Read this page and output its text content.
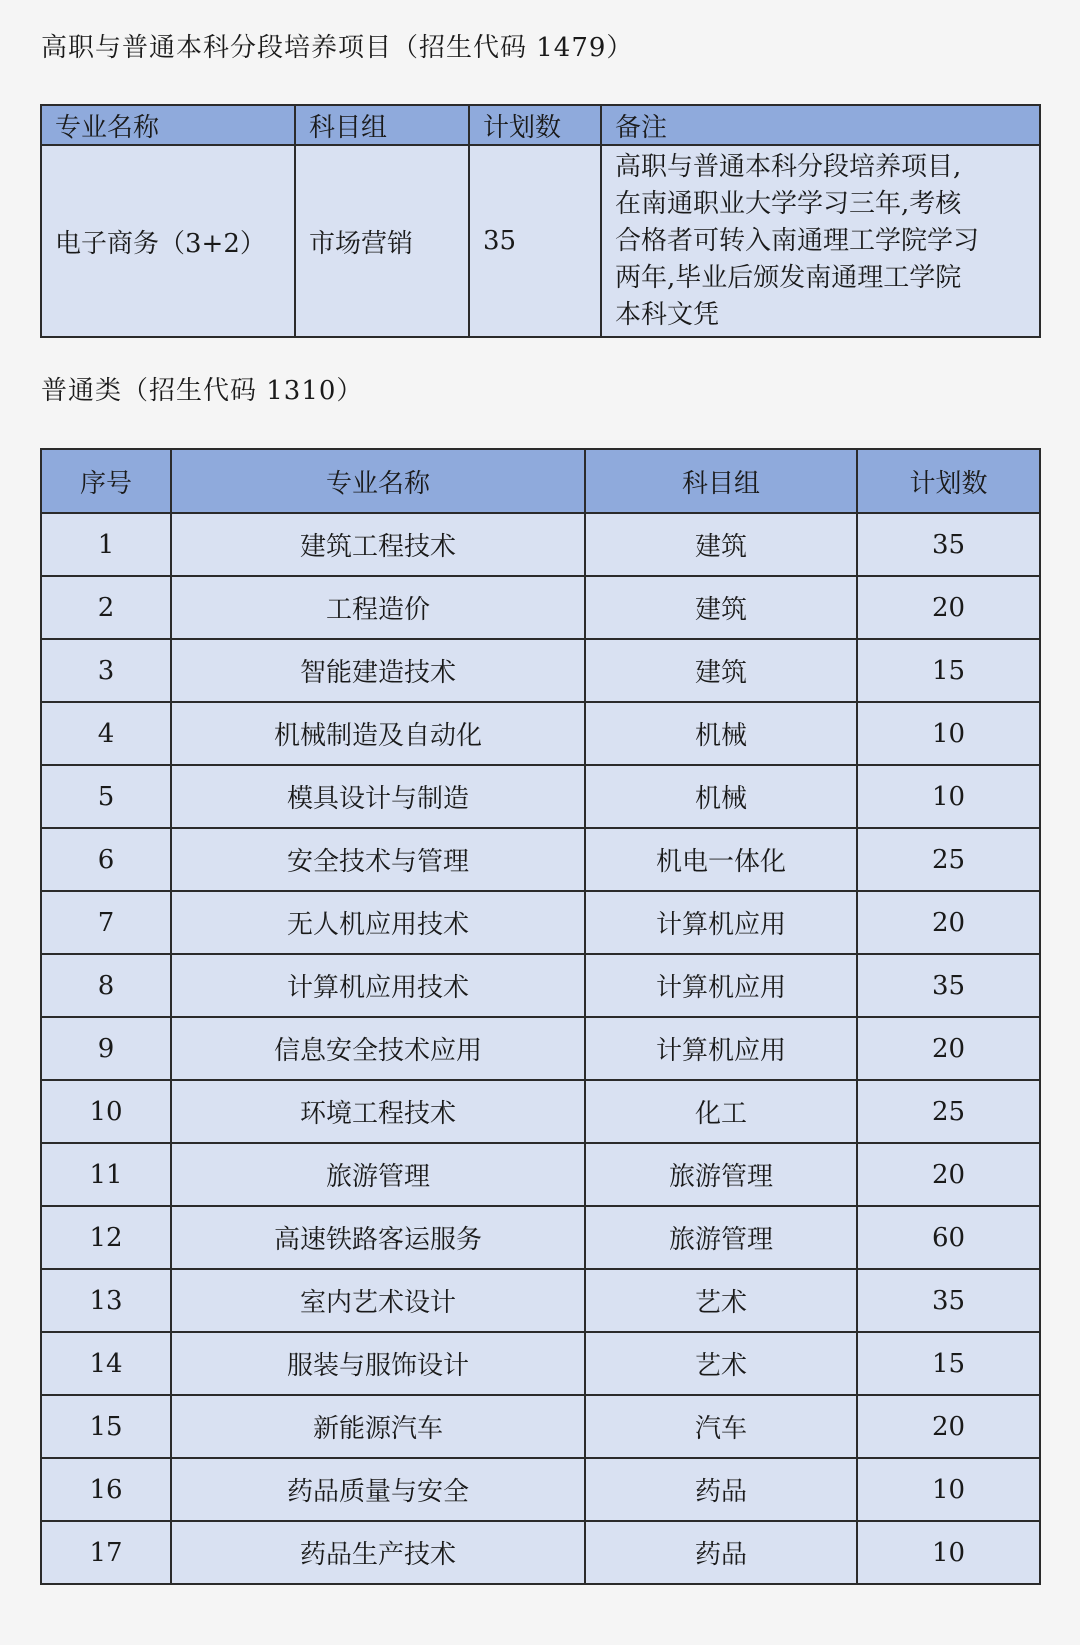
高职与普通本科分段培养项目（招生代码 1479）
专业名称	科目组	计划数	备注
电子商务（3+2）	市场营销	35	高职与普通本科分段培养项目,
在南通职业大学学习三年,考核
合格者可转入南通理工学院学习
两年,毕业后颁发南通理工学院
本科文凭
普通类（招生代码 1310）
序号	专业名称	科目组	计划数
1	建筑工程技术	建筑	35
2	工程造价	建筑	20
3	智能建造技术	建筑	15
4	机械制造及自动化	机械	10
5	模具设计与制造	机械	10
6	安全技术与管理	机电一体化	25
7	无人机应用技术	计算机应用	20
8	计算机应用技术	计算机应用	35
9	信息安全技术应用	计算机应用	20
10	环境工程技术	化工	25
11	旅游管理	旅游管理	20
12	高速铁路客运服务	旅游管理	60
13	室内艺术设计	艺术	35
14	服装与服饰设计	艺术	15
15	新能源汽车	汽车	20
16	药品质量与安全	药品	10
17	药品生产技术	药品	10
